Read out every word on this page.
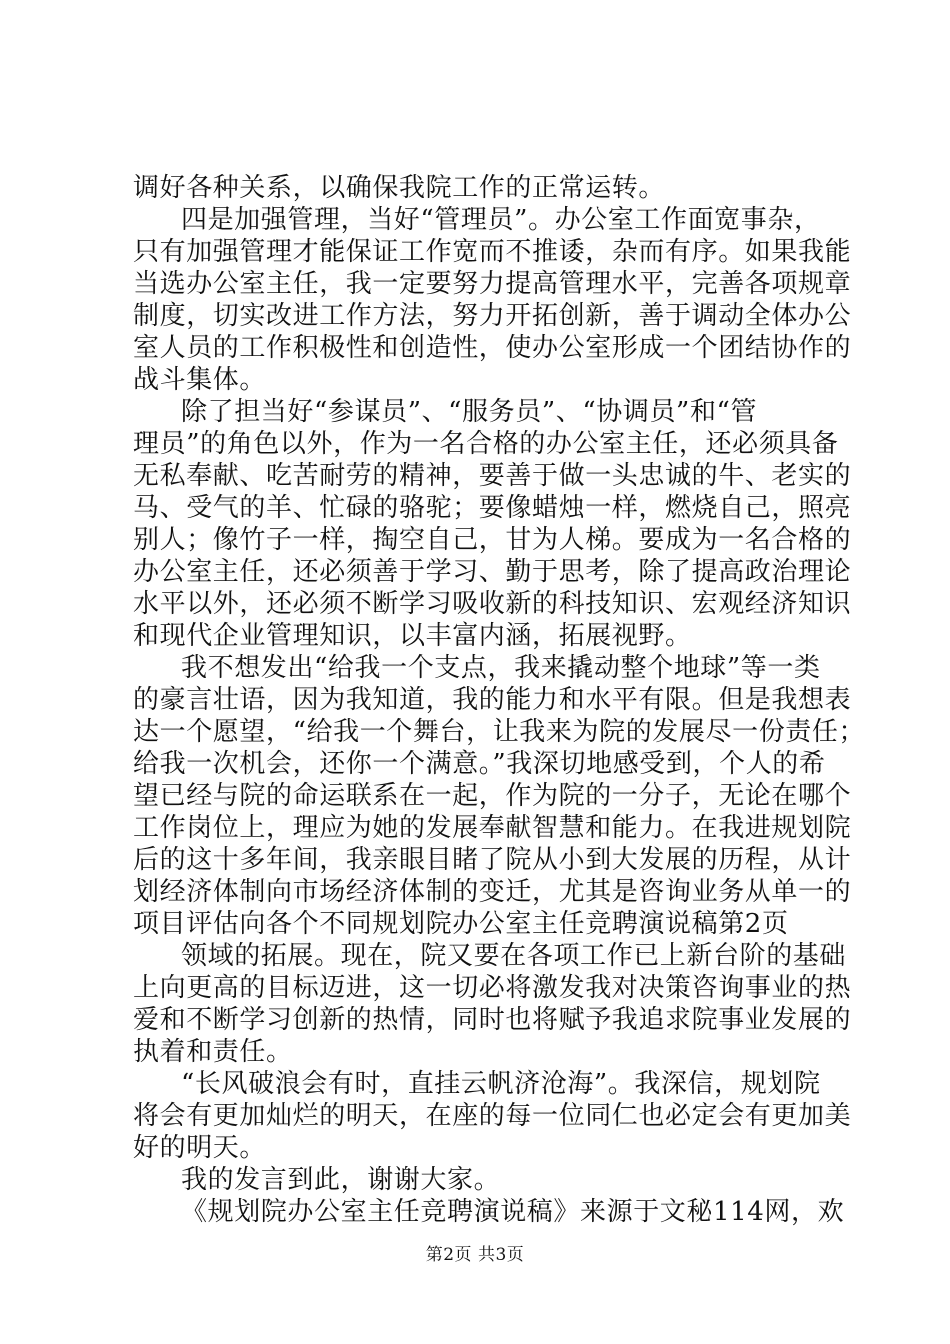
调好各种关系，以确保我院工作的正常运转。
四是加强管理，当好“管理员”。办公室工作面宽事杂，
只有加强管理才能保证工作宽而不推诿，杂而有序。如果我能
当选办公室主任，我一定要努力提高管理水平，完善各项规章
制度，切实改进工作方法，努力开拓创新，善于调动全体办公
室人员的工作积极性和创造性，使办公室形成一个团结协作的
战斗集体。
除了担当好“参谋员”、“服务员”、“协调员”和“管
理员”的角色以外，作为一名合格的办公室主任，还必须具备
无私奉献、吃苦耐劳的精神，要善于做一头忠诚的牛、老实的
马、受气的羊、忙碌的骆驼；要像蜡烛一样，燃烧自己，照亮
别人；像竹子一样，掏空自己，甘为人梯。要成为一名合格的
办公室主任，还必须善于学习、勤于思考，除了提高政治理论
水平以外，还必须不断学习吸收新的科技知识、宏观经济知识
和现代企业管理知识，以丰富内涵，拓展视野。
我不想发出“给我一个支点，我来撬动整个地球”等一类
的豪言壮语，因为我知道，我的能力和水平有限。但是我想表
达一个愿望，“给我一个舞台，让我来为院的发展尽一份责任；
给我一次机会，还你一个满意。”我深切地感受到，个人的希
望已经与院的命运联系在一起，作为院的一分子，无论在哪个
工作岗位上，理应为她的发展奉献智慧和能力。在我进规划院
后的这十多年间，我亲眼目睹了院从小到大发展的历程，从计
划经济体制向市场经济体制的变迁，尤其是咨询业务从单一的
项目评估向各个不同规划院办公室主任竞聘演说稿第2页
领域的拓展。现在，院又要在各项工作已上新台阶的基础
上向更高的目标迈进，这一切必将激发我对决策咨询事业的热
爱和不断学习创新的热情，同时也将赋予我追求院事业发展的
执着和责任。
“长风破浪会有时，直挂云帆济沧海”。我深信，规划院
将会有更加灿烂的明天，在座的每一位同仁也必定会有更加美
好的明天。
我的发言到此，谢谢大家。
《规划院办公室主任竞聘演说稿》来源于文秘114网，欢
第2页 共3页
